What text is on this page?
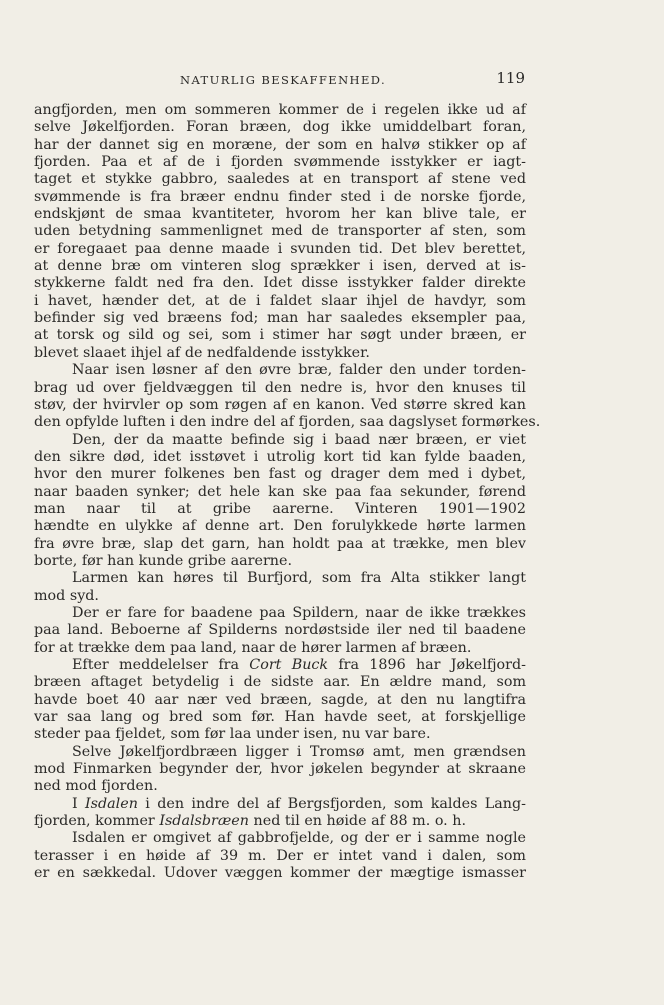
NATURLIG BESKAFFENHED.	119
angfjorden, men om sommeren kommer de i regelen ikke ud af
selve Jøkelfjorden. Foran bræen, dog ikke umiddelbart foran,
har der dannet sig en moræne, der som en halvø stikker op af
fjorden. Paa et af de i fjorden svømmende isstykker er iagt-
taget et stykke gabbro, saaledes at en transport af stene ved
svømmende is fra bræer endnu finder sted i de norske fjorde,
endskjønt de smaa kvantiteter, hvorom her kan blive tale, er
uden betydning sammenlignet med de transporter af sten, som
er foregaaet paa denne maade i svunden tid. Det blev berettet,
at denne bræ om vinteren slog sprækker i isen, derved at is-
stykkerne faldt ned fra den. Idet disse isstykker falder direkte
i havet, hænder det, at de i faldet slaar ihjel de havdyr, som
befinder sig ved bræens fod; man har saaledes eksempler paa,
at torsk og sild og sei, som i stimer har søgt under bræen, er
blevet slaaet ihjel af de nedfaldende isstykker.
Naar isen løsner af den øvre bræ, falder den under torden-
brag ud over fjeldvæggen til den nedre is, hvor den knuses til
støv, der hvirvler op som røgen af en kanon. Ved større skred kan
den opfylde luften i den indre del af fjorden, saa dagslyset formørkes.
Den, der da maatte befinde sig i baad nær bræen, er viet
den sikre død, idet isstøvet i utrolig kort tid kan fylde baaden,
hvor den murer folkenes ben fast og drager dem med i dybet,
naar baaden synker; det hele kan ske paa faa sekunder, førend
man naar til at gribe aarerne. Vinteren 1901—1902
hændte en ulykke af denne art. Den forulykkede hørte larmen
fra øvre bræ, slap det garn, han holdt paa at trække, men blev
borte, før han kunde gribe aarerne.
Larmen kan høres til Burfjord, som fra Alta stikker langt
mod syd.
Der er fare for baadene paa Spildern, naar de ikke trækkes
paa land. Beboerne af Spilderns nordøstside iler ned til baadene
for at trække dem paa land, naar de hører larmen af bræen.
Efter meddelelser fra Cort Buck fra 1896 har Jøkelfjord-
bræen aftaget betydelig i de sidste aar. En ældre mand, som
havde boet 40 aar nær ved bræen, sagde, at den nu langtifra
var saa lang og bred som før. Han havde seet, at forskjellige
steder paa fjeldet, som før laa under isen, nu var bare.
Selve Jøkelfjordbræen ligger i Tromsø amt, men grændsen
mod Finmarken begynder der, hvor jøkelen begynder at skraane
ned mod fjorden.
I Isdalen i den indre del af Bergsfjorden, som kaldes Lang-
fjorden, kommer Isdalsbræen ned til en høide af 88 m. o. h.
Isdalen er omgivet af gabbrofjelde, og der er i samme nogle
terasser i en høide af 39 m. Der er intet vand i dalen, som
er en sækkedal. Udover væggen kommer der mægtige ismasser
